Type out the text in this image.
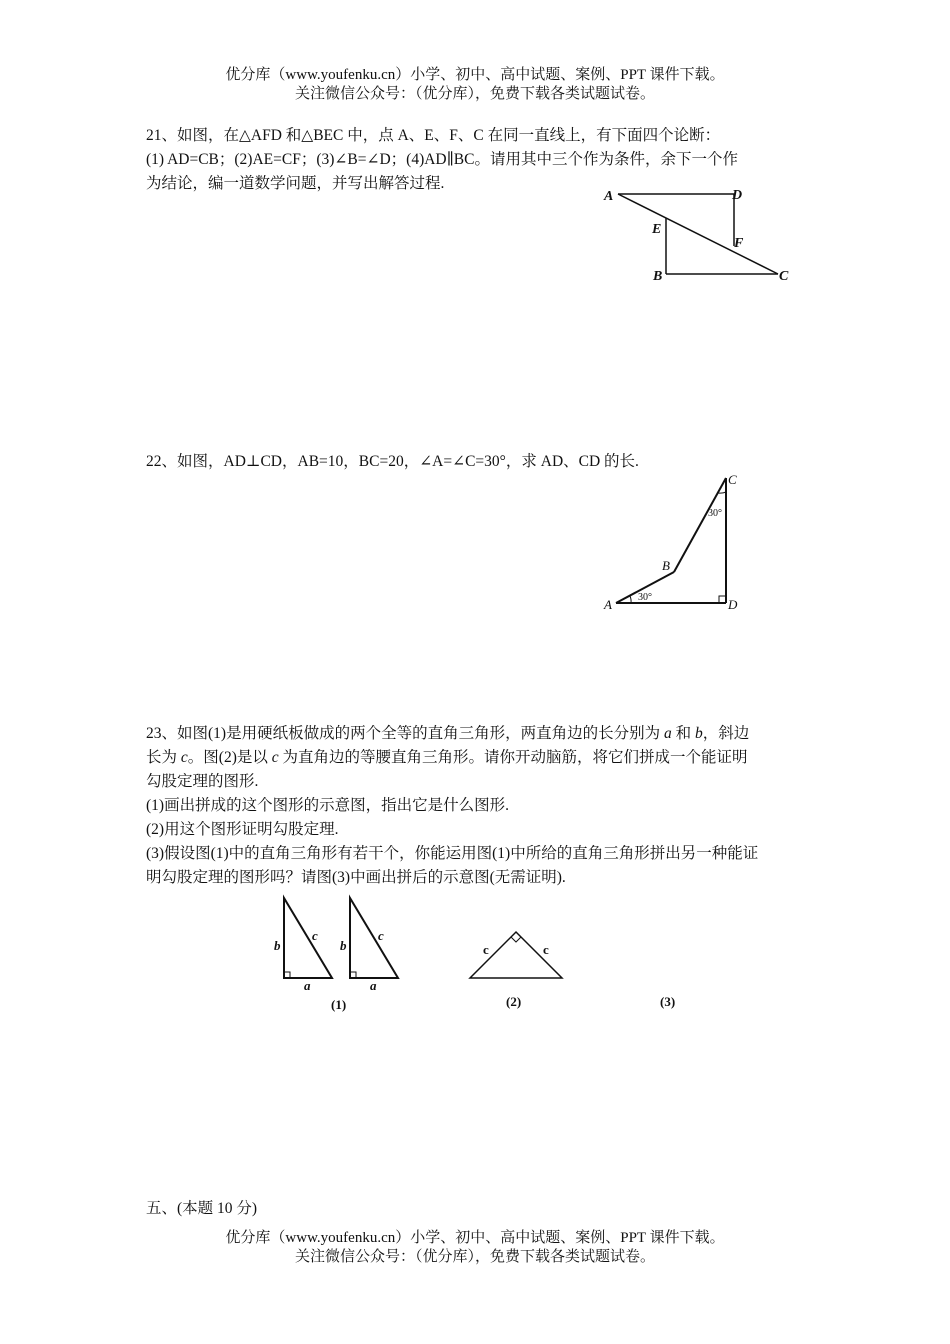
优分库（www.youfenku.cn）小学、初中、高中试题、案例、PPT 课件下载。
关注微信公众号：（优分库），免费下载各类试题试卷。
21、如图，在△AFD 和△BEC 中，点 A、E、F、C 在同一直线上，有下面四个论断：
(1) AD=CB；(2)AE=CF；(3)∠B=∠D；(4)AD∥BC。请用其中三个作为条件，余下一个作
为结论，编一道数学问题，并写出解答过程.
A	D
E
F
B	C
22、如图，AD⊥CD，AB=10，BC=20，∠A=∠C=30°，求 AD、CD 的长.
C
B
A	D
30°
30°
23、如图(1)是用硬纸板做成的两个全等的直角三角形，两直角边的长分别为 a 和 b，斜边
长为 c。图(2)是以 c 为直角边的等腰直角三角形。请你开动脑筋，将它们拼成一个能证明
勾股定理的图形.
(1)画出拼成的这个图形的示意图，指出它是什么图形.
(2)用这个图形证明勾股定理.
(3)假设图(1)中的直角三角形有若干个，你能运用图(1)中所给的直角三角形拼出另一种能证
明勾股定理的图形吗？请图(3)中画出拼后的示意图(无需证明).
b
c
a
b
c
a
c	c
(1)	(2)	(3)
五、(本题 10 分)
优分库（www.youfenku.cn）小学、初中、高中试题、案例、PPT 课件下载。
关注微信公众号：（优分库），免费下载各类试题试卷。
